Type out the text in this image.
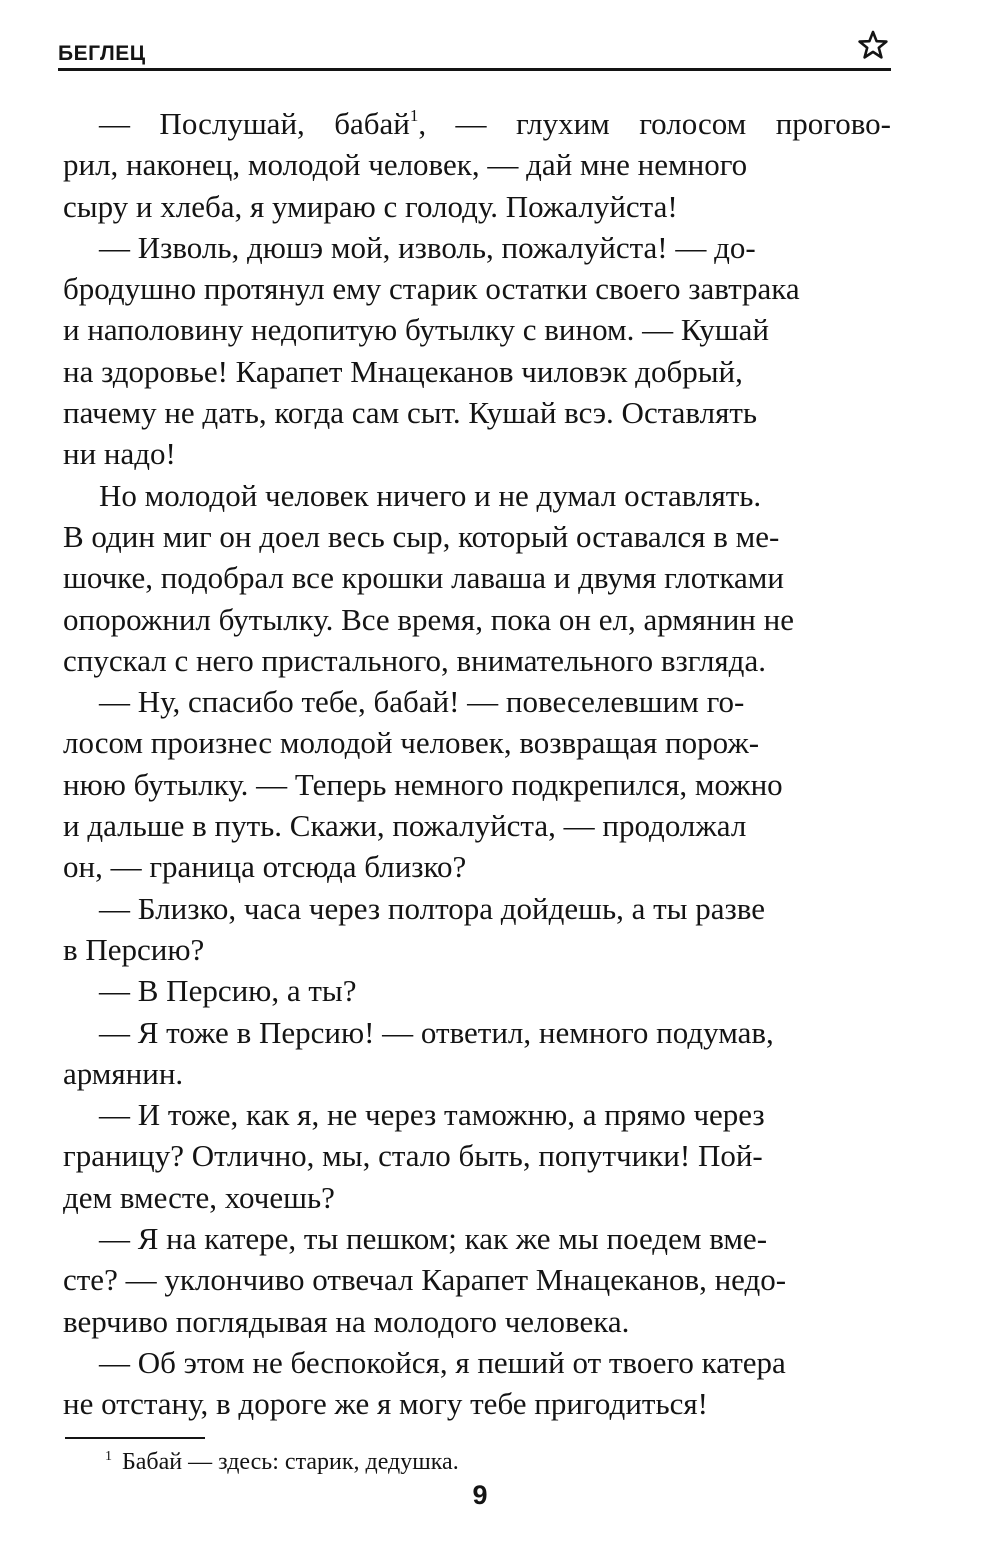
БЕГЛЕЦ

— Послушай, бабай$^1$, — глухим голосом прогово-
рил, наконец, молодой человек, — дай мне немного
сыру и хлеба, я умираю с голоду. Пожалуйста!

— Изволь, дюшэ мой, изволь, пожалуйста! — до-
бродушно протянул ему старик остатки своего завтрака
и наполовину недопитую бутылку с вином. — Кушай
на здоровье! Карапет Мнацеканов чиловэк добрый,
пачему не дать, когда сам сыт. Кушай всэ. Оставлять
ни надо!

Но молодой человек ничего и не думал оставлять.
В один миг он доел весь сыр, который оставался в ме-
шочке, подобрал все крошки лаваша и двумя глотками
опорожнил бутылку. Все время, пока он ел, армянин не
спускал с него пристального, внимательного взгляда.

— Ну, спасибо тебе, бабай! — повеселевшим го-
лосом произнес молодой человек, возвращая порож-
нюю бутылку. — Теперь немного подкрепился, можно
и дальше в путь. Скажи, пожалуйста, — продолжал
он, — граница отсюда близко?

— Близко, часа через полтора дойдешь, а ты разве
в Персию?

— В Персию, а ты?

— Я тоже в Персию! — ответил, немного подумав,
армянин.

— И тоже, как я, не через таможню, а прямо через
границу? Отлично, мы, стало быть, попутчики! Пой-
дем вместе, хочешь?

— Я на катере, ты пешком; как же мы поедем вме-
сте? — уклончиво отвечал Карапет Мнацеканов, недо-
верчиво поглядывая на молодого человека.

— Об этом не беспокойся, я пеший от твоего катера
не отстану, в дороге же я могу тебе пригодиться!

$^1$ Бабай — здесь: старик, дедушка.
9
